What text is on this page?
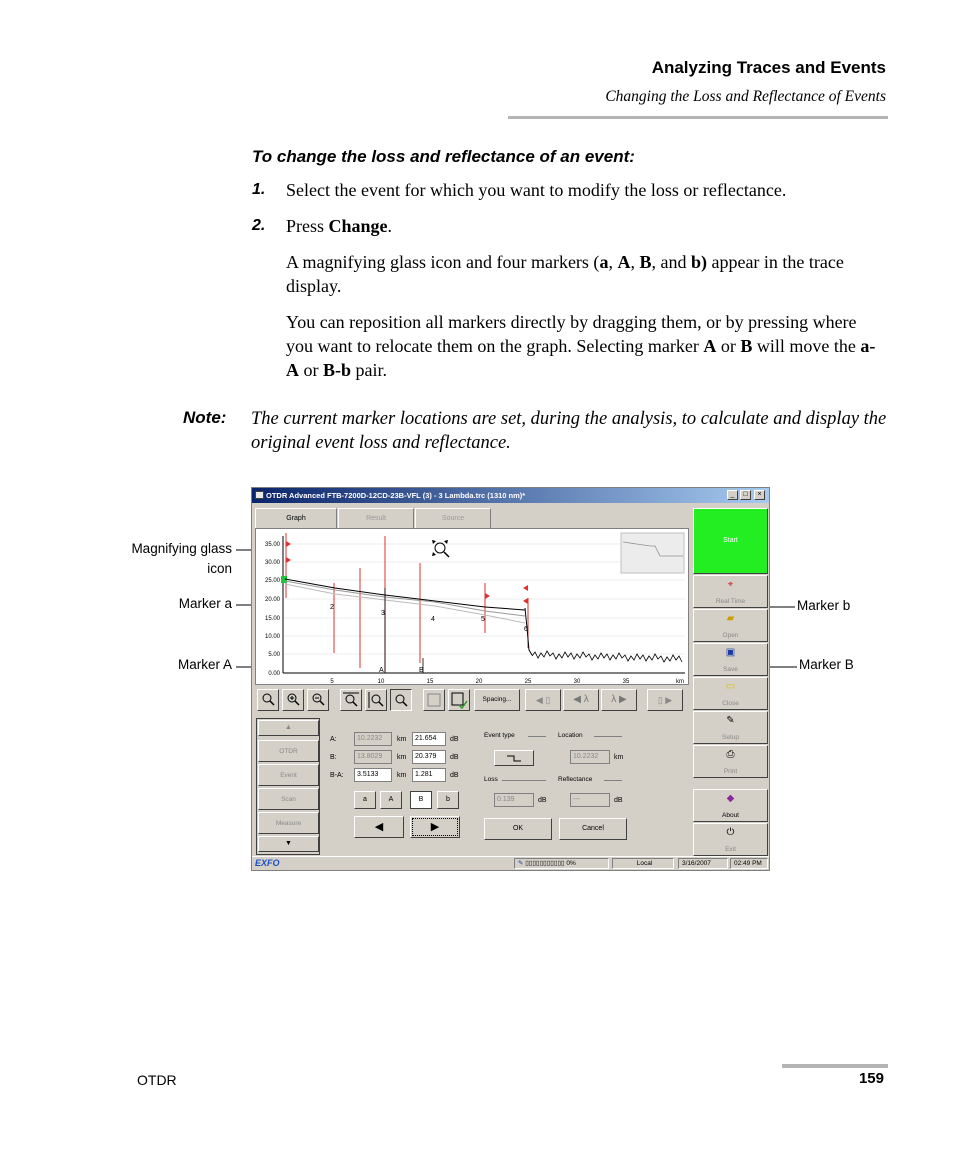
Analyzing Traces and Events
Changing the Loss and Reflectance of Events
To change the loss and reflectance of an event:
1. Select the event for which you want to modify the loss or reflectance.
2. Press Change.
A magnifying glass icon and four markers (a, A, B, and b) appear in the trace display.
You can reposition all markers directly by dragging them, or by pressing where you want to relocate them on the graph. Selecting marker A or B will move the a-A or B-b pair.
Note: The current marker locations are set, during the analysis, to calculate and display the original event loss and reflectance.
Magnifying glass icon
Marker a
Marker A
Marker b
Marker B
OTDR Advanced FTB-7200D-12CD-23B-VFL (3) - 3 Lambda.trc (1310 nm)*	_	□	×
Graph	Result	Source
35.00
30.00
25.00
20.00
15.00
10.00
5.00
0.00
5	10	15	20	25	30	35	km
2
3
4	5
6
A	B
Spacing...	◀ ▯	◀ λ	λ ▶	▯ ▶
▲
OTDR
Event
Scan
Measure
▼
A:	10.2232	km	21.654	dB
B:	13.8029	km	20.379	dB
B-A:	3.5133	km	1.281	dB
a	A	B	b
◀	▶
Event type	Location
10.2232	km
Loss
0.139	dB
Reflectance
---	dB
OK	Cancel
Start
⌖
Real Time
▰
Open
▣
Save
▭
Close
✎
Setup
⎙
Print
◆
About
⏻
Exit
EXFO	✎ ▯▯▯▯▯▯▯▯▯▯▯ 0%	Local	3/16/2007	02:49 PM
OTDR	159
